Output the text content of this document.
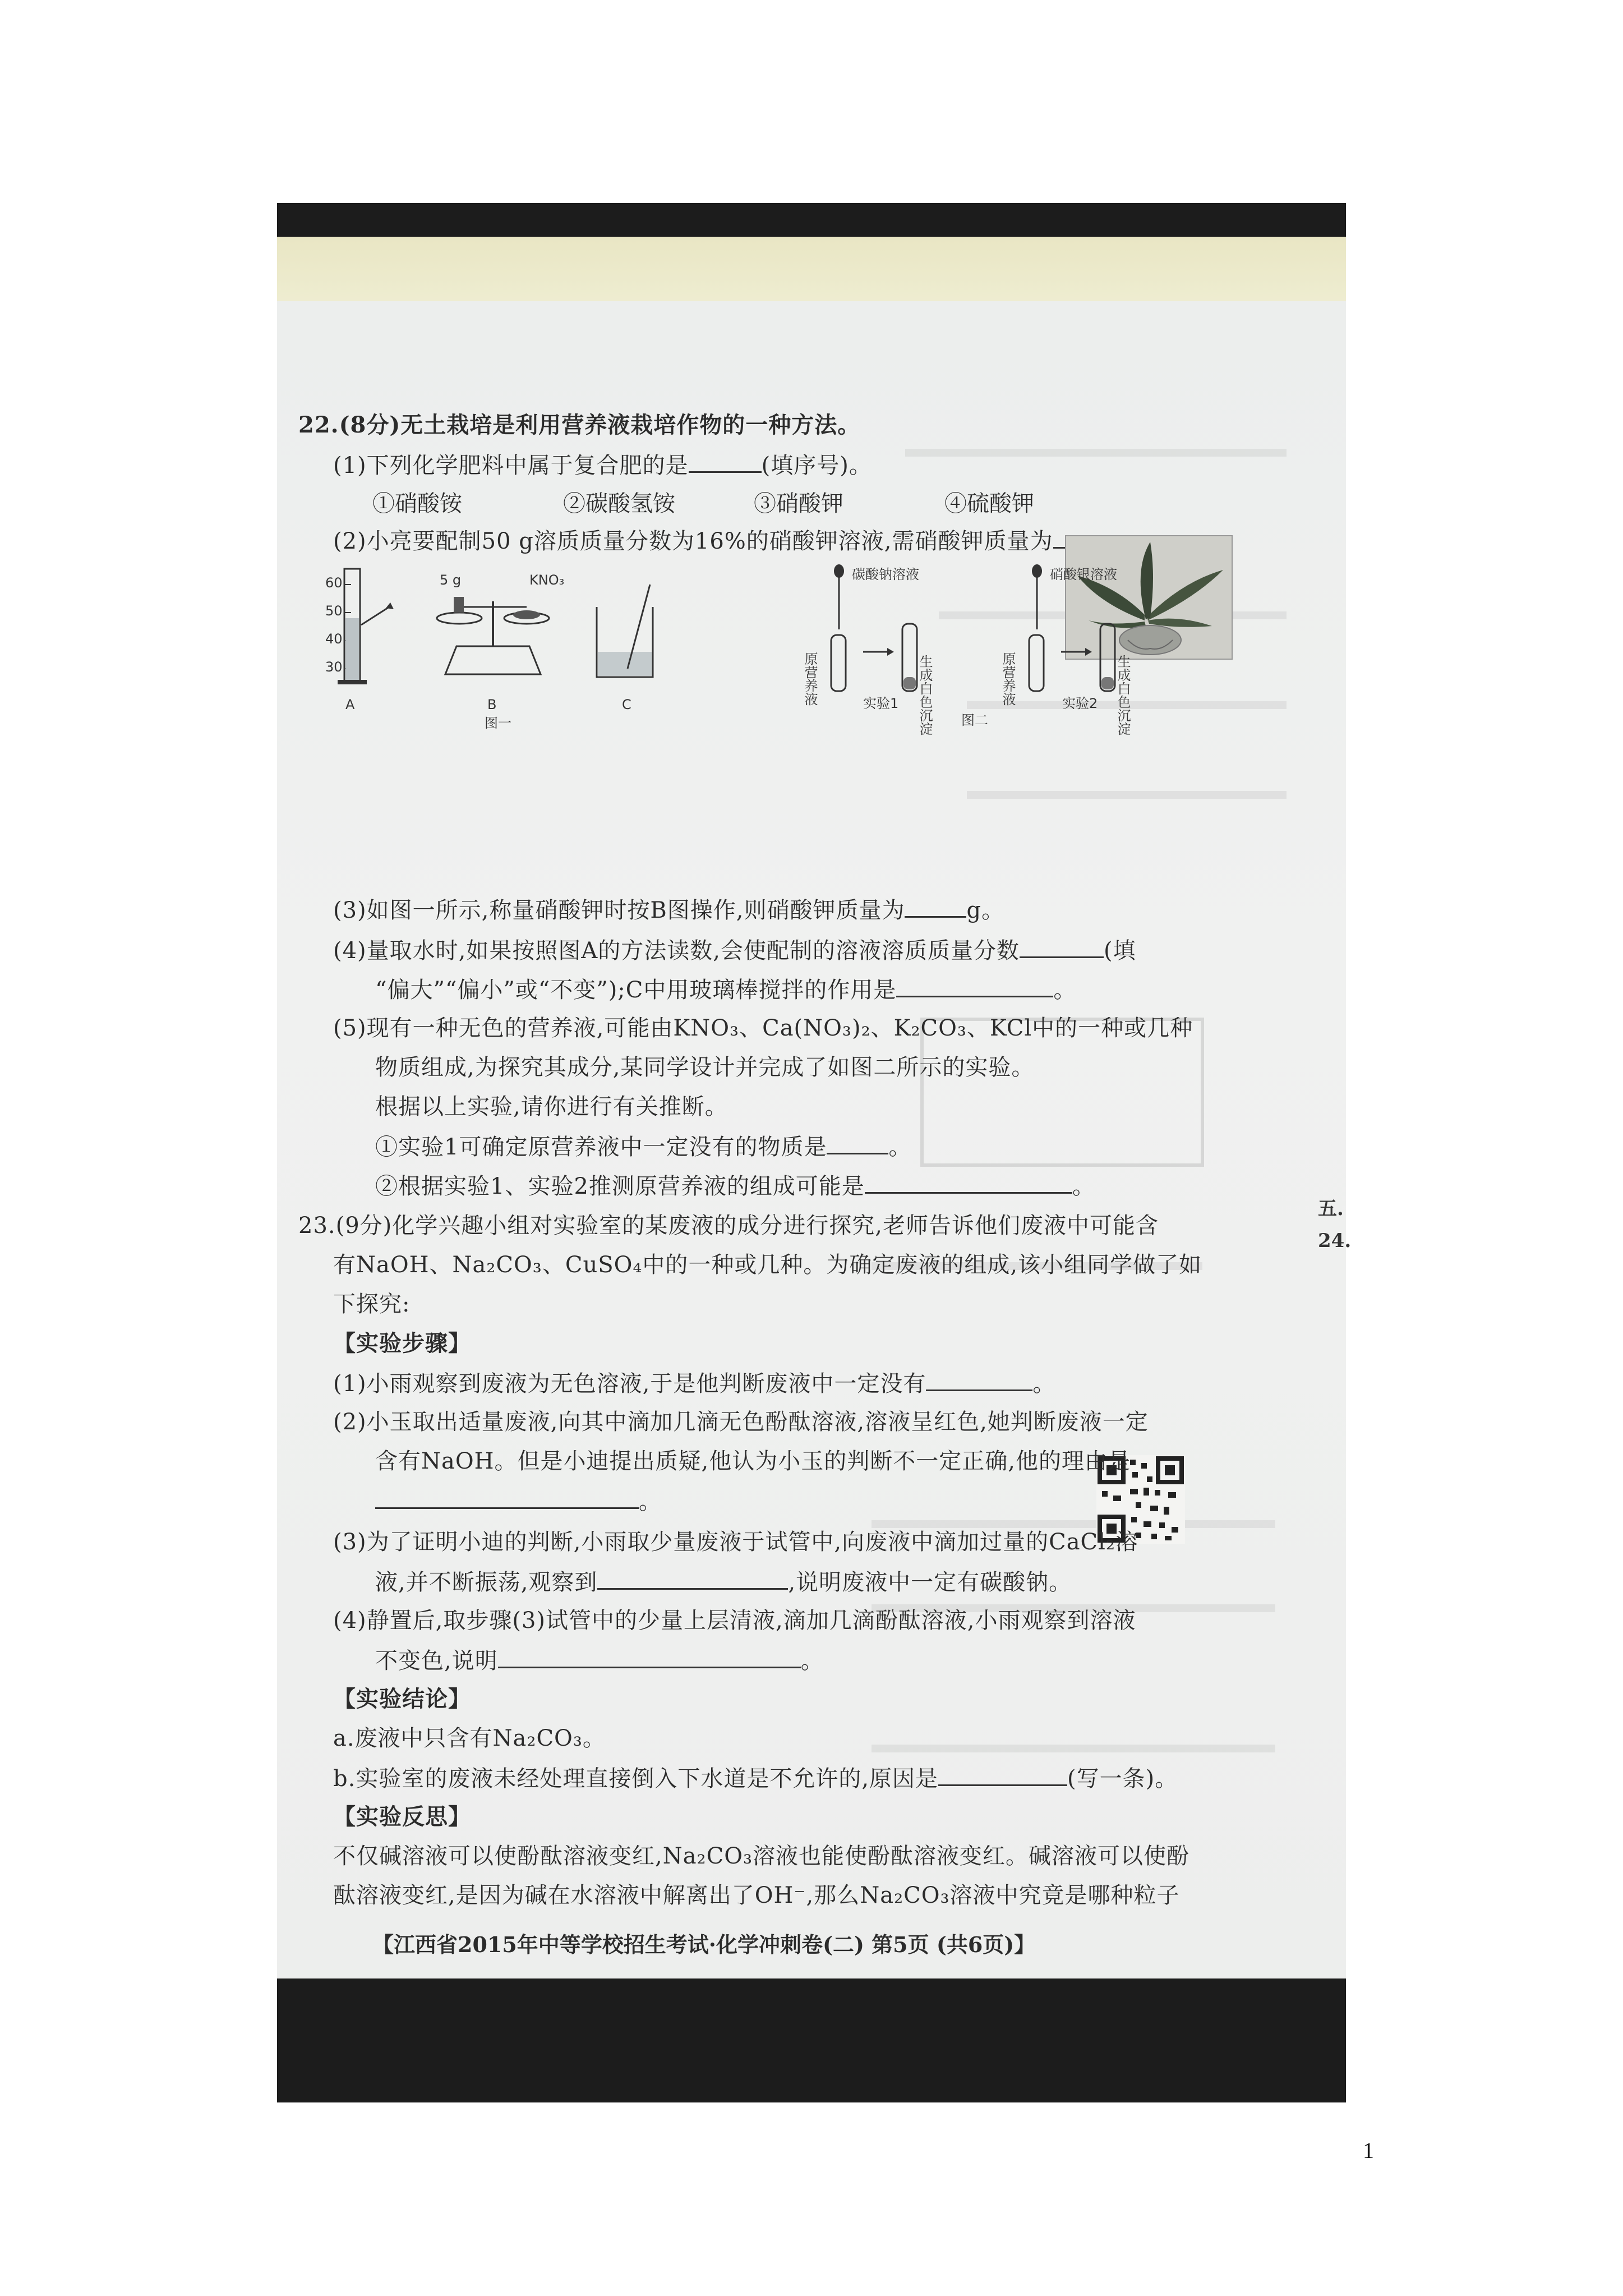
22.(8分)无土栽培是利用营养液栽培作物的一种方法。
(1)下列化学肥料中属于复合肥的是	(填序号)。
①硝酸铵	②碳酸氢铵	③硝酸钾	④硫酸钾
(2)小亮要配制50 g溶质质量分数为16%的硝酸钾溶液,需硝酸钾质量为
60
50
40
30
A
5 g	KNO₃
B	C
图一
碳酸钠溶液
原营养液	生成白色沉淀
实验1
硝酸银溶液
原营养液	生成白色沉淀
实验2
图二
(3)如图一所示,称量硝酸钾时按B图操作,则硝酸钾质量为	g。
(4)量取水时,如果按照图A的方法读数,会使配制的溶液溶质质量分数	(填
“偏大”“偏小”或“不变”);C中用玻璃棒搅拌的作用是	。
(5)现有一种无色的营养液,可能由KNO₃、Ca(NO₃)₂、K₂CO₃、KCl中的一种或几种
物质组成,为探究其成分,某同学设计并完成了如图二所示的实验。
根据以上实验,请你进行有关推断。
①实验1可确定原营养液中一定没有的物质是	。
②根据实验1、实验2推测原营养液的组成可能是	。
23.(9分)化学兴趣小组对实验室的某废液的成分进行探究,老师告诉他们废液中可能含
有NaOH、Na₂CO₃、CuSO₄中的一种或几种。为确定废液的组成,该小组同学做了如
下探究:
【实验步骤】
(1)小雨观察到废液为无色溶液,于是他判断废液中一定没有	。
(2)小玉取出适量废液,向其中滴加几滴无色酚酞溶液,溶液呈红色,她判断废液一定
含有NaOH。但是小迪提出质疑,他认为小玉的判断不一定正确,他的理由是
。
(3)为了证明小迪的判断,小雨取少量废液于试管中,向废液中滴加过量的CaCl₂溶
液,并不断振荡,观察到	,说明废液中一定有碳酸钠。
(4)静置后,取步骤(3)试管中的少量上层清液,滴加几滴酚酞溶液,小雨观察到溶液
不变色,说明	。
【实验结论】
a.废液中只含有Na₂CO₃。
b.实验室的废液未经处理直接倒入下水道是不允许的,原因是	(写一条)。
【实验反思】
不仅碱溶液可以使酚酞溶液变红,Na₂CO₃溶液也能使酚酞溶液变红。碱溶液可以使酚
酞溶液变红,是因为碱在水溶液中解离出了OH⁻,那么Na₂CO₃溶液中究竟是哪种粒子
【江西省2015年中等学校招生考试·化学冲刺卷(二) 第5页 (共6页)】
五.
24.
1
